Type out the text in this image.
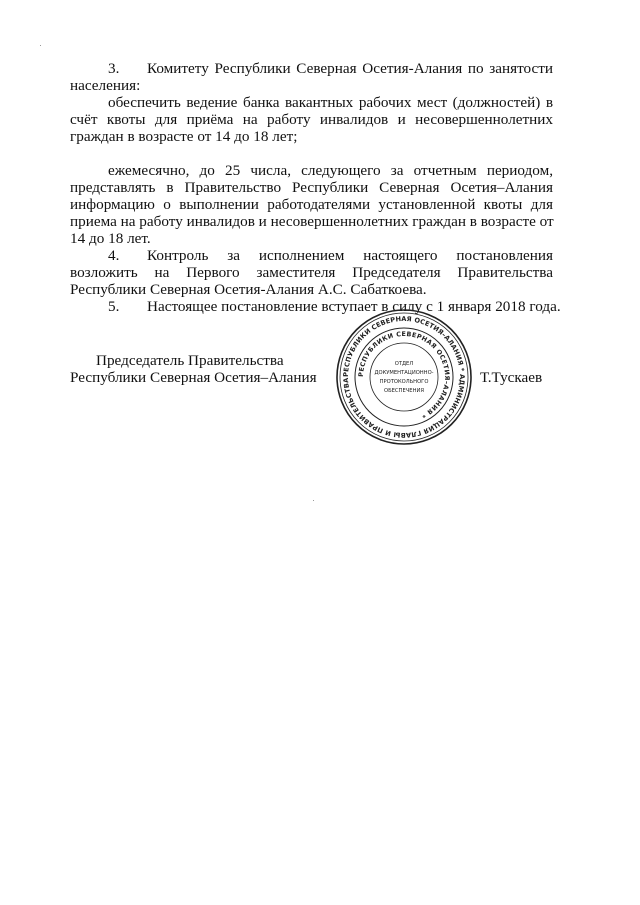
3. Комитету Республики Северная Осетия-Алания по занятости
населения:
обеспечить ведение банка вакантных рабочих мест (должностей) в
счёт квоты для приёма на работу инвалидов и несовершеннолетних
граждан в возрасте от 14 до 18 лет;
ежемесячно, до 25 числа, следующего за отчетным периодом,
представлять в Правительство Республики Северная Осетия–Алания
информацию о выполнении работодателями установленной квоты для
приема на работу инвалидов и несовершеннолетних граждан в возрасте от
14 до 18 лет.
4. Контроль за исполнением настоящего постановления
возложить на Первого заместителя Председателя Правительства
Республики Северная Осетия-Алания А.С. Сабаткоева.
5. Настоящее постановление вступает в силу с 1 января 2018 года.
Председатель Правительства
Республики Северная Осетия–Алания	Т.Тускаев
РЕСПУБЛИКИ СЕВЕРНАЯ ОСЕТИЯ–АЛАНИЯ * АДМИНИСТРАЦИЯ ГЛАВЫ И ПРАВИТЕЛЬСТВА
РЕСПУБЛИКИ СЕВЕРНАЯ ОСЕТИЯ–АЛАНИЯ *
ОТДЕЛ
ДОКУМЕНТАЦИОННО-
ПРОТОКОЛЬНОГО
ОБЕСПЕЧЕНИЯ
